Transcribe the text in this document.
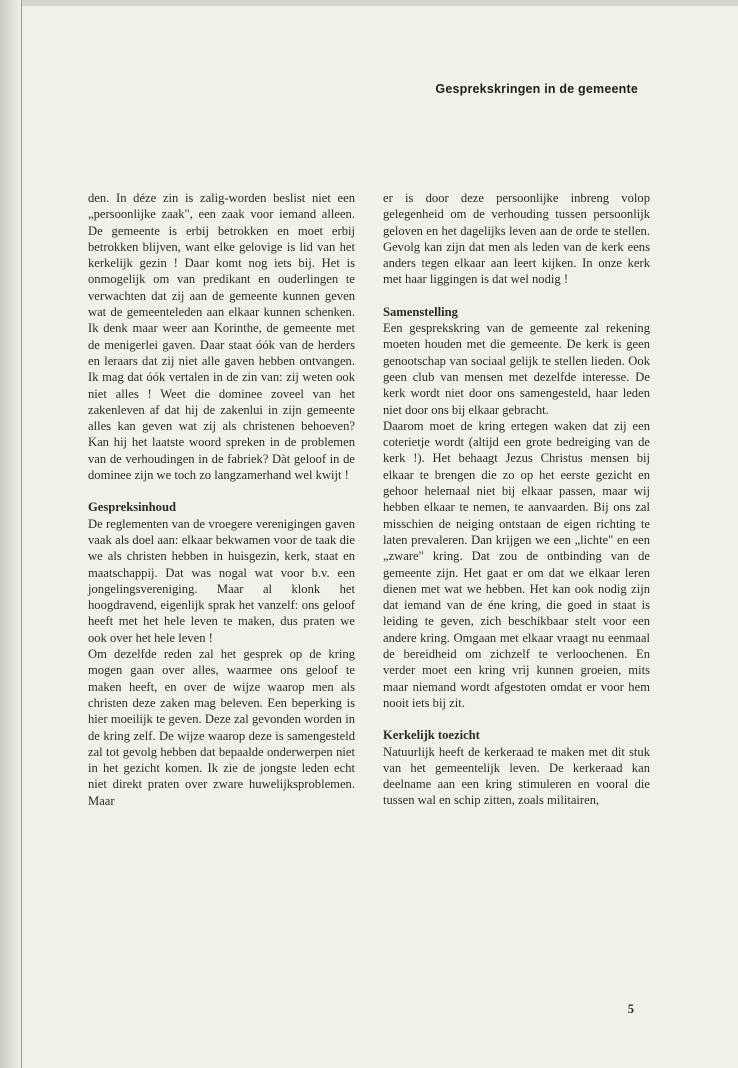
Gesprekskringen in de gemeente

den. In déze zin is zalig-worden beslist niet een „persoonlijke zaak", een zaak voor iemand alleen. De gemeente is erbij betrokken en moet erbij betrokken blijven, want elke gelovige is lid van het kerkelijk gezin ! Daar komt nog iets bij. Het is onmogelijk om van predikant en ouderlingen te verwachten dat zij aan de gemeente kunnen geven wat de gemeenteleden aan elkaar kunnen schenken. Ik denk maar weer aan Korinthe, de gemeente met de menigerlei gaven. Daar staat óók van de herders en leraars dat zij niet alle gaven hebben ontvangen. Ik mag dat óók vertalen in de zin van: zij weten ook niet alles ! Weet die dominee zoveel van het zakenleven af dat hij de zakenlui in zijn gemeente alles kan geven wat zij als christenen behoeven? Kan hij het laatste woord spreken in de problemen van de verhoudingen in de fabriek? Dàt geloof in de dominee zijn we toch zo langzamerhand wel kwijt !

Gespreksinhoud

De reglementen van de vroegere verenigingen gaven vaak als doel aan: elkaar bekwamen voor de taak die we als christen hebben in huisgezin, kerk, staat en maatschappij. Dat was nogal wat voor b.v. een jongelingsvereniging. Maar al klonk het hoogdravend, eigenlijk sprak het vanzelf: ons geloof heeft met het hele leven te maken, dus praten we ook over het hele leven !

Om dezelfde reden zal het gesprek op de kring mogen gaan over alles, waarmee ons geloof te maken heeft, en over de wijze waarop men als christen deze zaken mag beleven. Een beperking is hier moeilijk te geven. Deze zal gevonden worden in de kring zelf. De wijze waarop deze is samengesteld zal tot gevolg hebben dat bepaalde onderwerpen niet in het gezicht komen. Ik zie de jongste leden echt niet direkt praten over zware huwelijksproblemen. Maar

er is door deze persoonlijke inbreng volop gelegenheid om de verhouding tussen persoonlijk geloven en het dagelijks leven aan de orde te stellen. Gevolg kan zijn dat men als leden van de kerk eens anders tegen elkaar aan leert kijken. In onze kerk met haar liggingen is dat wel nodig !

Samenstelling

Een gesprekskring van de gemeente zal rekening moeten houden met die gemeente. De kerk is geen genootschap van sociaal gelijk te stellen lieden. Ook geen club van mensen met dezelfde interesse. De kerk wordt niet door ons samengesteld, haar leden niet door ons bij elkaar gebracht.

Daarom moet de kring ertegen waken dat zij een coterietje wordt (altijd een grote bedreiging van de kerk !). Het behaagt Jezus Christus mensen bij elkaar te brengen die zo op het eerste gezicht en gehoor helemaal niet bij elkaar passen, maar wij hebben elkaar te nemen, te aanvaarden. Bij ons zal misschien de neiging ontstaan de eigen richting te laten prevaleren. Dan krijgen we een „lichte" en een „zware" kring. Dat zou de ontbinding van de gemeente zijn. Het gaat er om dat we elkaar leren dienen met wat we hebben. Het kan ook nodig zijn dat iemand van de éne kring, die goed in staat is leiding te geven, zich beschikbaar stelt voor een andere kring. Omgaan met elkaar vraagt nu eenmaal de bereidheid om zichzelf te verloochenen. En verder moet een kring vrij kunnen groeien, mits maar niemand wordt afgestoten omdat er voor hem nooit iets bij zit.

Kerkelijk toezicht

Natuurlijk heeft de kerkeraad te maken met dit stuk van het gemeentelijk leven. De kerkeraad kan deelname aan een kring stimuleren en vooral die tussen wal en schip zitten, zoals militairen,

5
